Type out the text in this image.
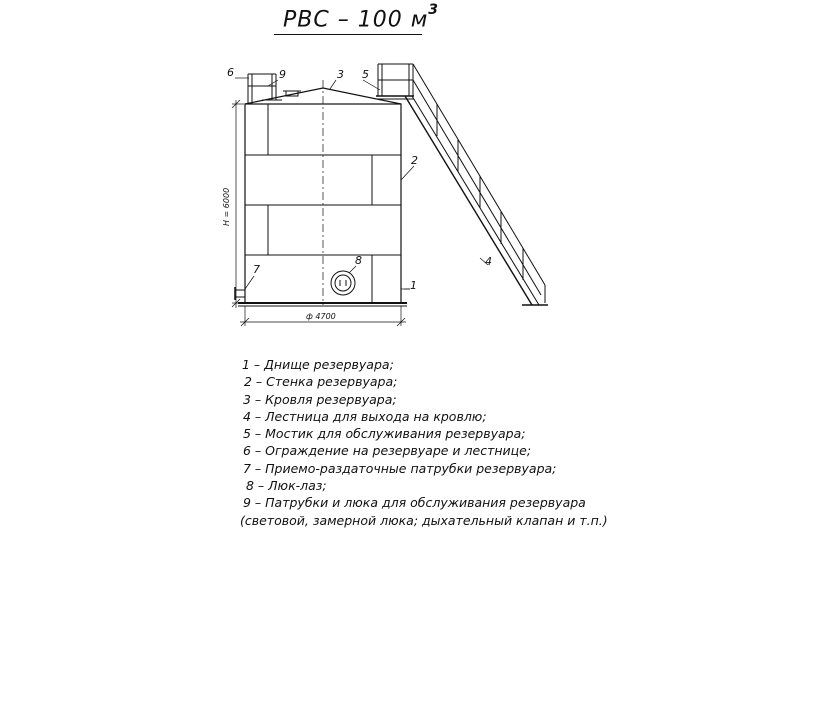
РВС – 100 $м^3$
6	9	3 5
2
4
7
8
1
H = 6000
ф 4700
1 – Днище резервуара;
2 – Стенка резервуара;
3 – Кровля резервуара;
4 – Лестница для выхода на кровлю;
5 – Мостик для обслуживания резервуара;
6 – Ограждение на резервуаре и лестнице;
7 – Приемо-раздаточные патрубки резервуара;
8 – Люк-лаз;
9 – Патрубки и люка для обслуживания резервуара
(световой, замерной люка; дыхательный клапан и т.п.)
